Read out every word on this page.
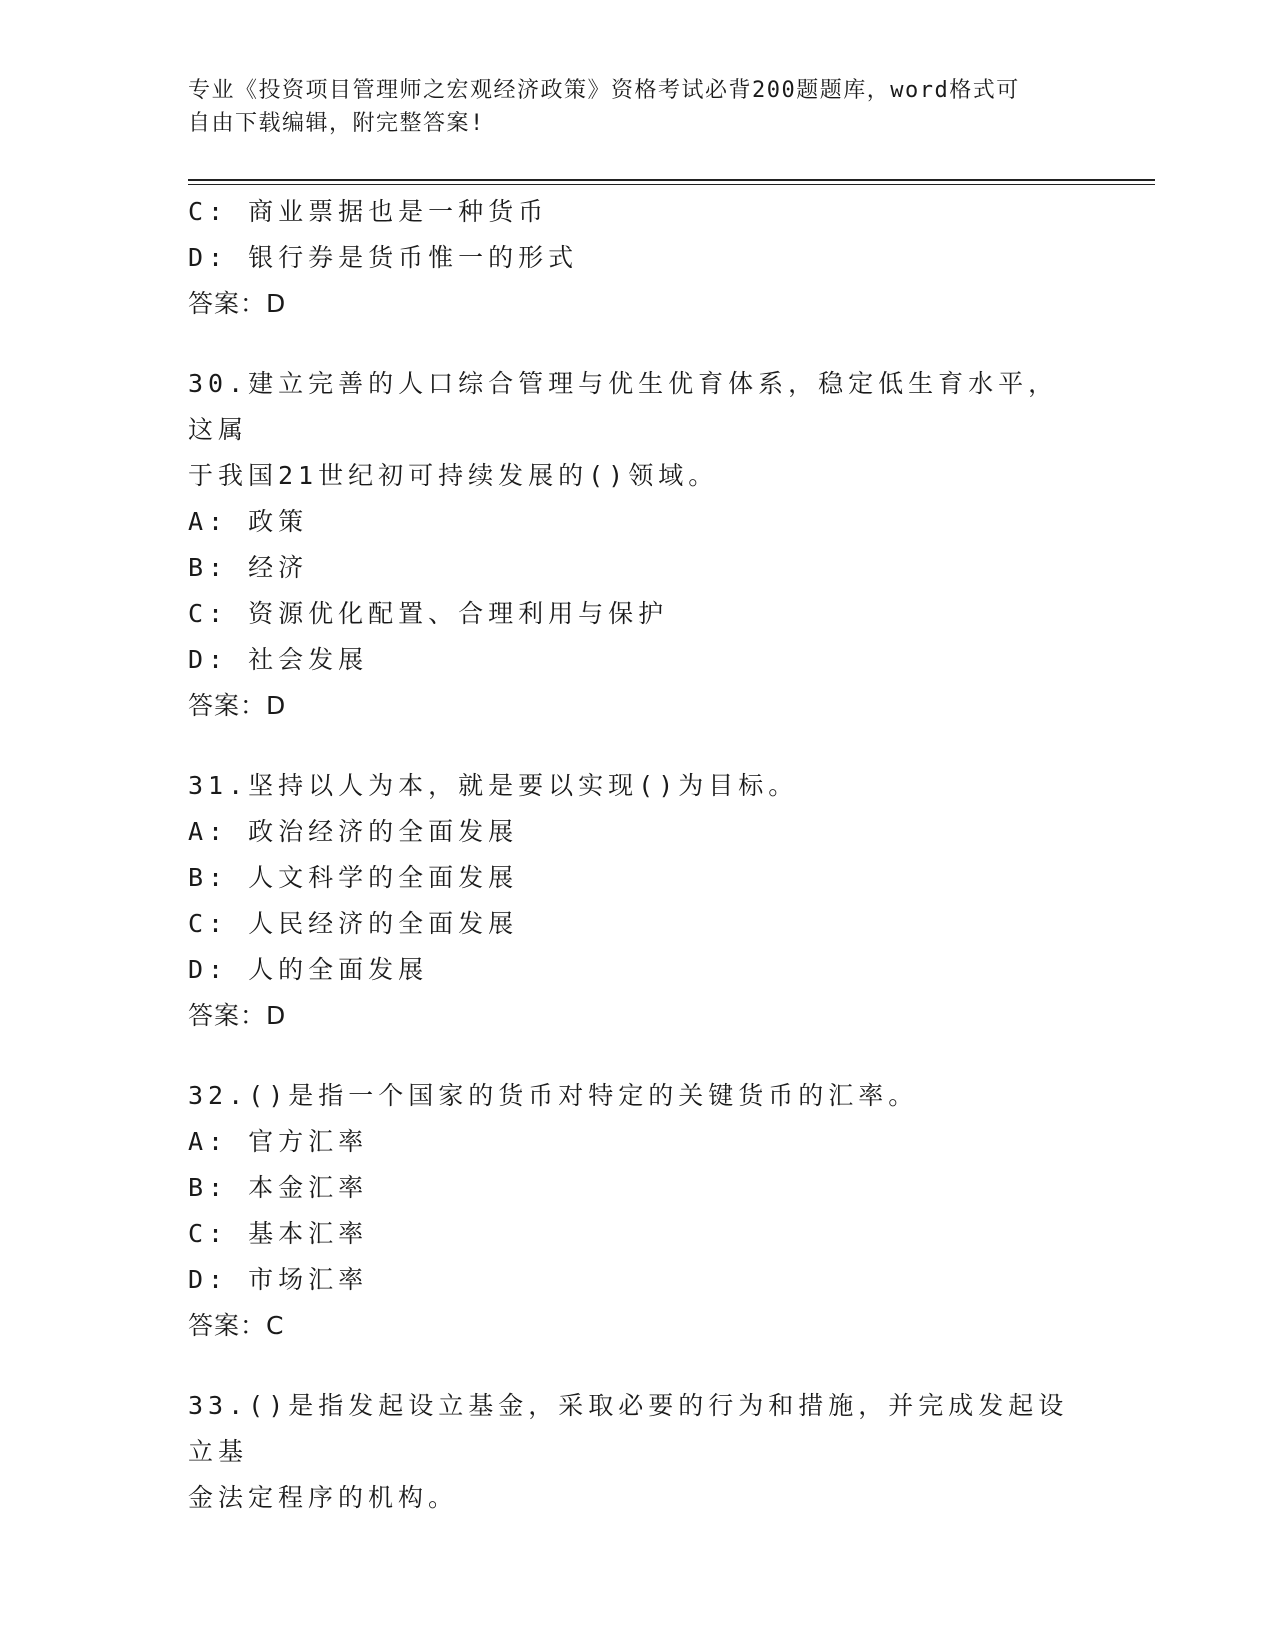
专业《投资项目管理师之宏观经济政策》资格考试必背200题题库，word格式可
自由下载编辑，附完整答案!
C: 商业票据也是一种货币
D: 银行券是货币惟一的形式
答案：D
30.建立完善的人口综合管理与优生优育体系，稳定低生育水平，这属
于我国21世纪初可持续发展的()领域。
A: 政策
B: 经济
C: 资源优化配置、合理利用与保护
D: 社会发展
答案：D
31.坚持以人为本，就是要以实现()为目标。
A: 政治经济的全面发展
B: 人文科学的全面发展
C: 人民经济的全面发展
D: 人的全面发展
答案：D
32.()是指一个国家的货币对特定的关键货币的汇率。
A: 官方汇率
B: 本金汇率
C: 基本汇率
D: 市场汇率
答案：C
33.()是指发起设立基金，采取必要的行为和措施，并完成发起设立基
金法定程序的机构。
